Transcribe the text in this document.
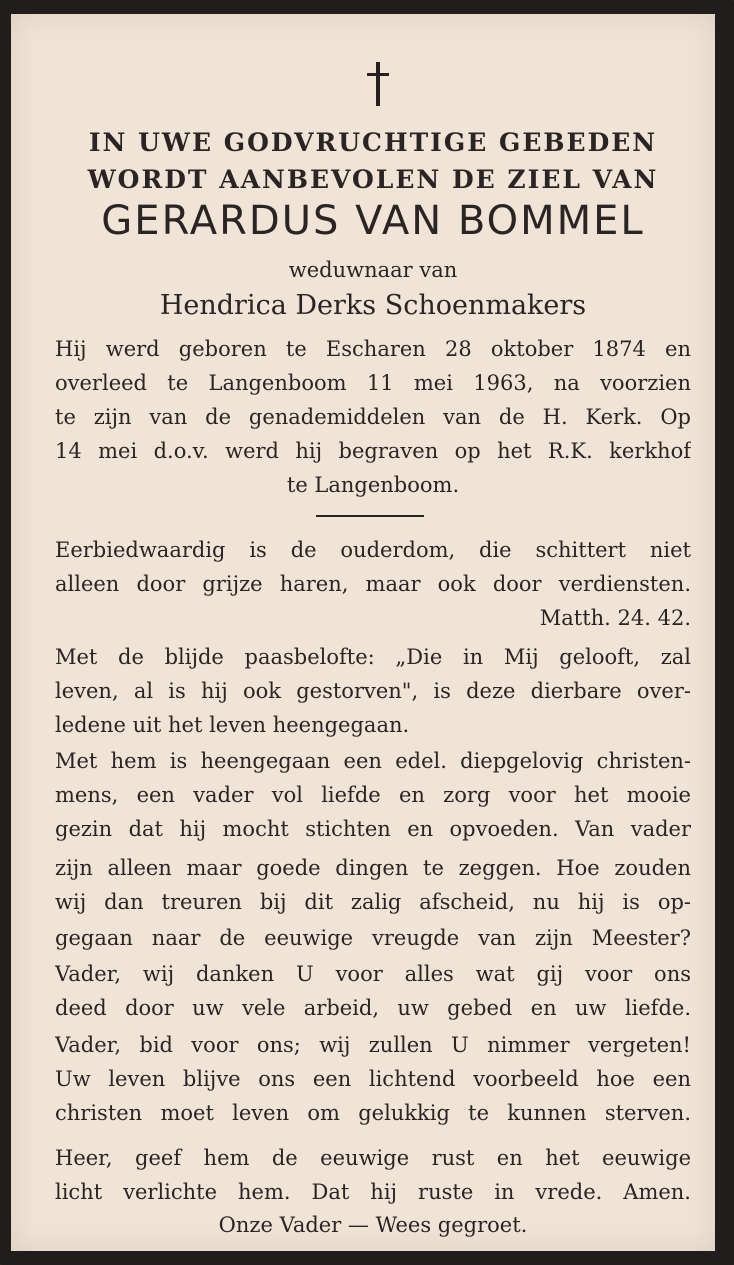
IN UWE GODVRUCHTIGE GEBEDEN
WORDT AANBEVOLEN DE ZIEL VAN
GERARDUS VAN BOMMEL
weduwnaar van
Hendrica Derks Schoenmakers
Hij werd geboren te Escharen 28 oktober 1874 en
overleed te Langenboom 11 mei 1963, na voorzien
te zijn van de genademiddelen van de H. Kerk. Op
14 mei d.o.v. werd hij begraven op het R.K. kerkhof
te Langenboom.
Eerbiedwaardig is de ouderdom, die schittert niet
alleen door grijze haren, maar ook door verdiensten.
Matth. 24. 42.
Met de blijde paasbelofte: „Die in Mij gelooft, zal
leven, al is hij ook gestorven", is deze dierbare over-
ledene uit het leven heengegaan.
Met hem is heengegaan een edel. diepgelovig christen-
mens, een vader vol liefde en zorg voor het mooie
gezin dat hij mocht stichten en opvoeden. Van vader
zijn alleen maar goede dingen te zeggen. Hoe zouden
wij dan treuren bij dit zalig afscheid, nu hij is op-
gegaan naar de eeuwige vreugde van zijn Meester?
Vader, wij danken U voor alles wat gij voor ons
deed door uw vele arbeid, uw gebed en uw liefde.
Vader, bid voor ons; wij zullen U nimmer vergeten!
Uw leven blijve ons een lichtend voorbeeld hoe een
christen moet leven om gelukkig te kunnen sterven.
Heer, geef hem de eeuwige rust en het eeuwige
licht verlichte hem. Dat hij ruste in vrede. Amen.
Onze Vader — Wees gegroet.
